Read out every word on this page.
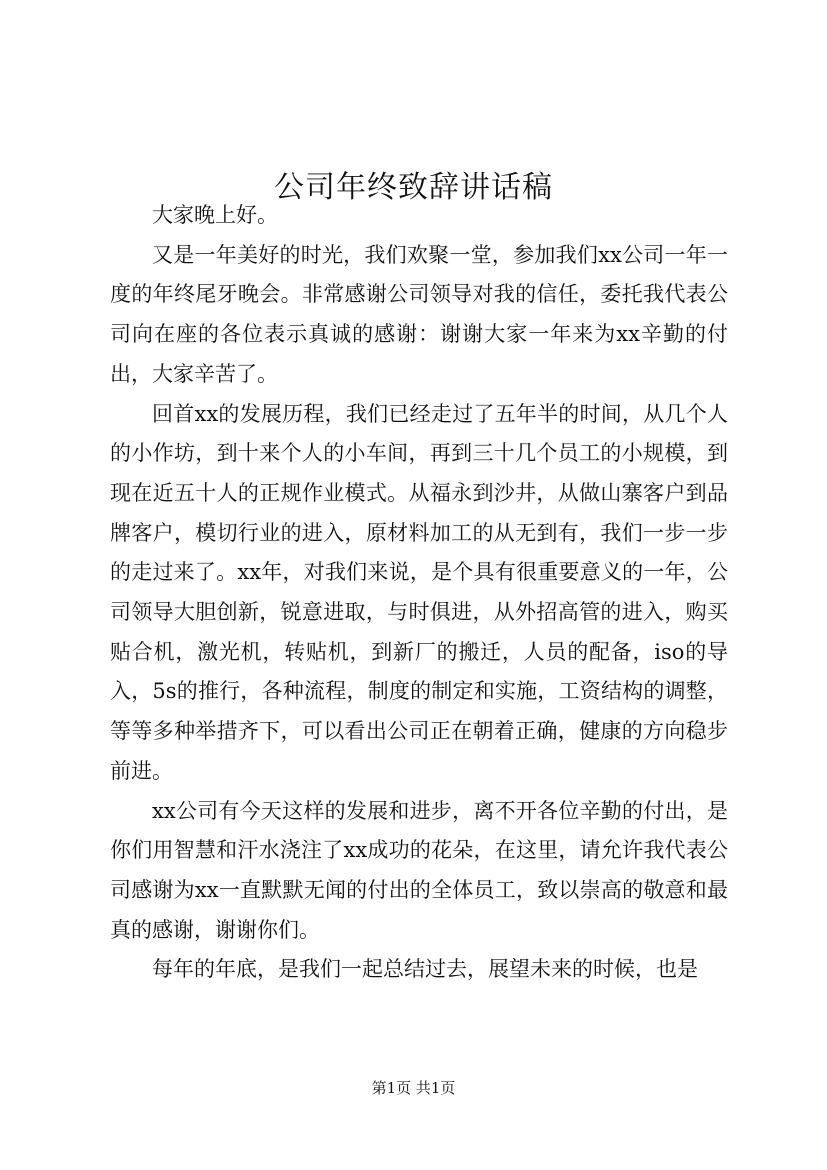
公司年终致辞讲话稿

大家晚上好。

又是一年美好的时光，我们欢聚一堂，参加我们xx公司一年一度的年终尾牙晚会。非常感谢公司领导对我的信任，委托我代表公司向在座的各位表示真诚的感谢：谢谢大家一年来为xx辛勤的付出，大家辛苦了。

回首xx的发展历程，我们已经走过了五年半的时间，从几个人的小作坊，到十来个人的小车间，再到三十几个员工的小规模，到现在近五十人的正规作业模式。从福永到沙井，从做山寨客户到品牌客户，模切行业的进入，原材料加工的从无到有，我们一步一步的走过来了。xx年，对我们来说，是个具有很重要意义的一年，公司领导大胆创新，锐意进取，与时俱进，从外招高管的进入，购买贴合机，激光机，转贴机，到新厂的搬迁，人员的配备，iso的导入，5s的推行，各种流程，制度的制定和实施，工资结构的调整，等等多种举措齐下，可以看出公司正在朝着正确，健康的方向稳步前进。

xx公司有今天这样的发展和进步，离不开各位辛勤的付出，是你们用智慧和汗水浇注了xx成功的花朵，在这里，请允许我代表公司感谢为xx一直默默无闻的付出的全体员工，致以崇高的敬意和最真的感谢，谢谢你们。

每年的年底，是我们一起总结过去，展望未来的时候，也是

第1页 共1页
